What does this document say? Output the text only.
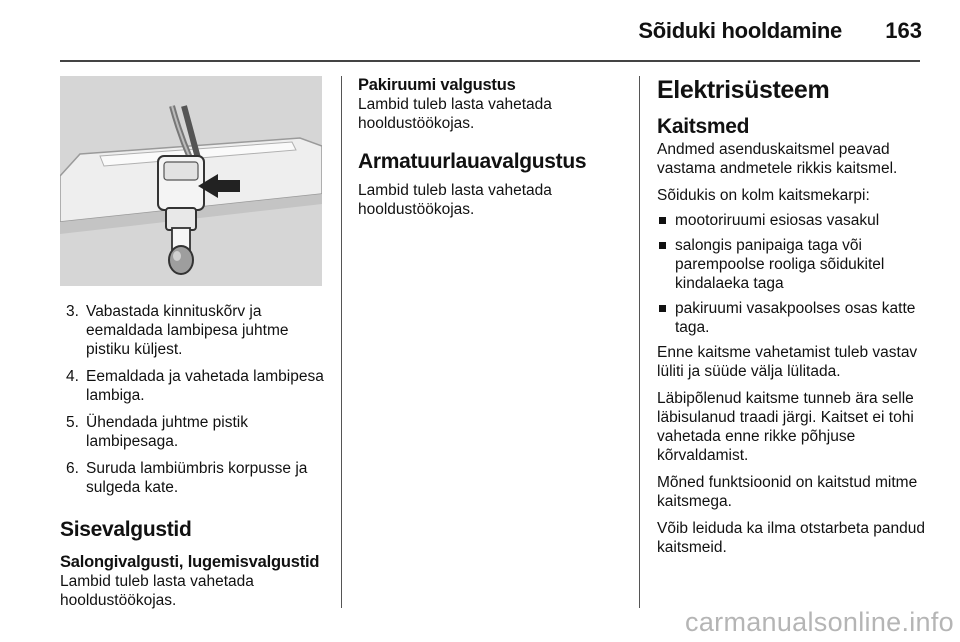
Sõiduki hooldamine 163
3. Vabastada kinnituskõrv ja eemaldada lambipesa juhtme pistiku küljest.
4. Eemaldada ja vahetada lambipesa lambiga.
5. Ühendada juhtme pistik lambipesaga.
6. Suruda lambiümbris korpusse ja sulgeda kate.
Sisevalgustid
Salongivalgusti, lugemisvalgustid
Lambid tuleb lasta vahetada hooldustöökojas.
Pakiruumi valgustus
Lambid tuleb lasta vahetada hooldustöökojas.
Armatuurlauavalgustus
Lambid tuleb lasta vahetada hooldustöökojas.
Elektrisüsteem
Kaitsmed
Andmed asenduskaitsmel peavad vastama andmetele rikkis kaitsmel.
Sõidukis on kolm kaitsmekarpi:
mootoriruumi esiosas vasakul
salongis panipaiga taga või parempoolse rooliga sõidukitel kindalaeka taga
pakiruumi vasakpoolses osas katte taga.
Enne kaitsme vahetamist tuleb vastav lüliti ja süüde välja lülitada.
Läbipõlenud kaitsme tunneb ära selle läbisulanud traadi järgi. Kaitset ei tohi vahetada enne rikke põhjuse kõrvaldamist.
Mõned funktsioonid on kaitstud mitme kaitsmega.
Võib leiduda ka ilma otstarbeta pandud kaitsmeid.
carmanualsonline.info
